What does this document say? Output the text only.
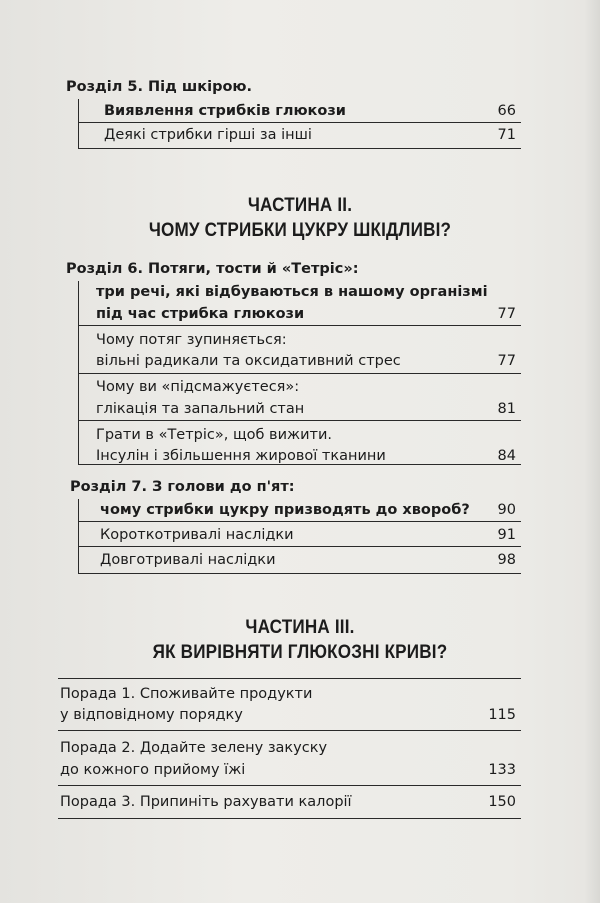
Розділ 5. Під шкірою.
Виявлення стрибків глюкози	66
Деякі стрибки гірші за інші	71
ЧАСТИНА II.
ЧОМУ СТРИБКИ ЦУКРУ ШКІДЛИВІ?
Розділ 6. Потяги, тости й «Тетріс»:
три речі, які відбуваються в нашому організмі
під час стрибка глюкози	77
Чому потяг зупиняється:
вільні радикали та оксидативний стрес	77
Чому ви «підсмажуєтеся»:
глікація та запальний стан	81
Грати в «Тетріс», щоб вижити.
Інсулін і збільшення жирової тканини	84
Розділ 7. З голови до п'ят:
чому стрибки цукру призводять до хвороб? 90
Короткотривалі наслідки	91
Довготривалі наслідки	98
ЧАСТИНА III.
ЯК ВИРІВНЯТИ ГЛЮКОЗНІ КРИВІ?
Порада 1. Споживайте продукти
у відповідному порядку	115
Порада 2. Додайте зелену закуску
до кожного прийому їжі	133
Порада 3. Припиніть рахувати калорії	150
